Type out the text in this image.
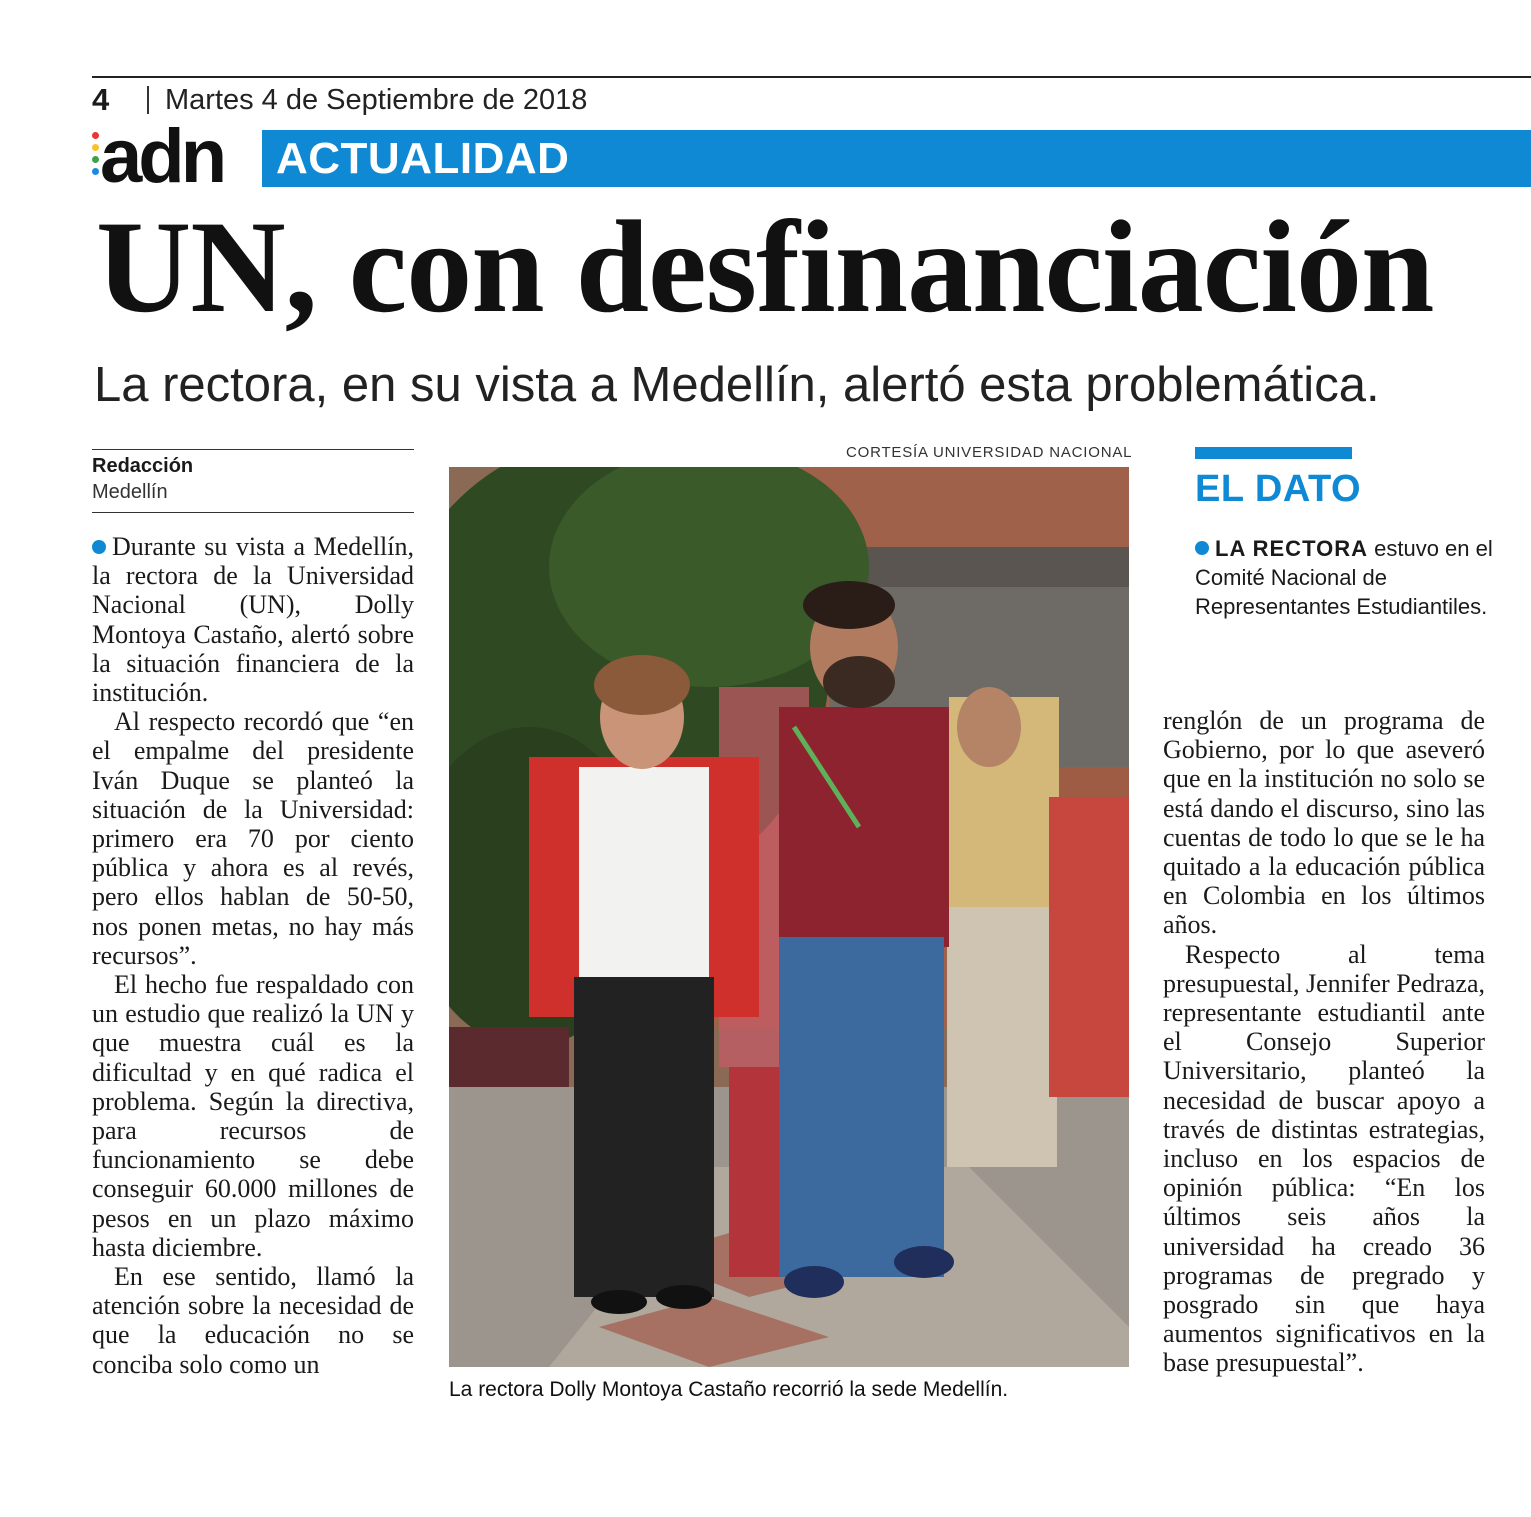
4 Martes 4 de Septiembre de 2018
adn ACTUALIDAD
UN, con desfinanciación
La rectora, en su vista a Medellín, alertó esta problemática.
Redacción
Medellín

Durante su vista a Medellín, la rectora de la Universidad Nacional (UN), Dolly Montoya Castaño, alertó sobre la situación financiera de la institución.

Al respecto recordó que “en el empalme del presidente Iván Duque se planteó la situación de la Universidad: primero era 70 por ciento pública y ahora es al revés, pero ellos hablan de 50-50, nos ponen metas, no hay más recursos”.

El hecho fue respaldado con un estudio que realizó la UN y que muestra cuál es la dificultad y en qué radica el problema. Según la directiva, para recursos de funcionamiento se debe conseguir 60.000 millones de pesos en un plazo máximo hasta diciembre.

En ese sentido, llamó la atención sobre la necesidad de que la educación no se conciba solo como un

CORTESÍA UNIVERSIDAD NACIONAL
La rectora Dolly Montoya Castaño recorrió la sede Medellín.
EL DATO
LA RECTORA estuvo en el Comité Nacional de Representantes Estudiantiles.

renglón de un programa de Gobierno, por lo que aseveró que en la institución no solo se está dando el discurso, sino las cuentas de todo lo que se le ha quitado a la educación pública en Colombia en los últimos años.

Respecto al tema presupuestal, Jennifer Pedraza, representante estudiantil ante el Consejo Superior Universitario, planteó la necesidad de buscar apoyo a través de distintas estrategias, incluso en los espacios de opinión pública: “En los últimos seis años la universidad ha creado 36 programas de pregrado y posgrado sin que haya aumentos significativos en la base presupuestal”.
